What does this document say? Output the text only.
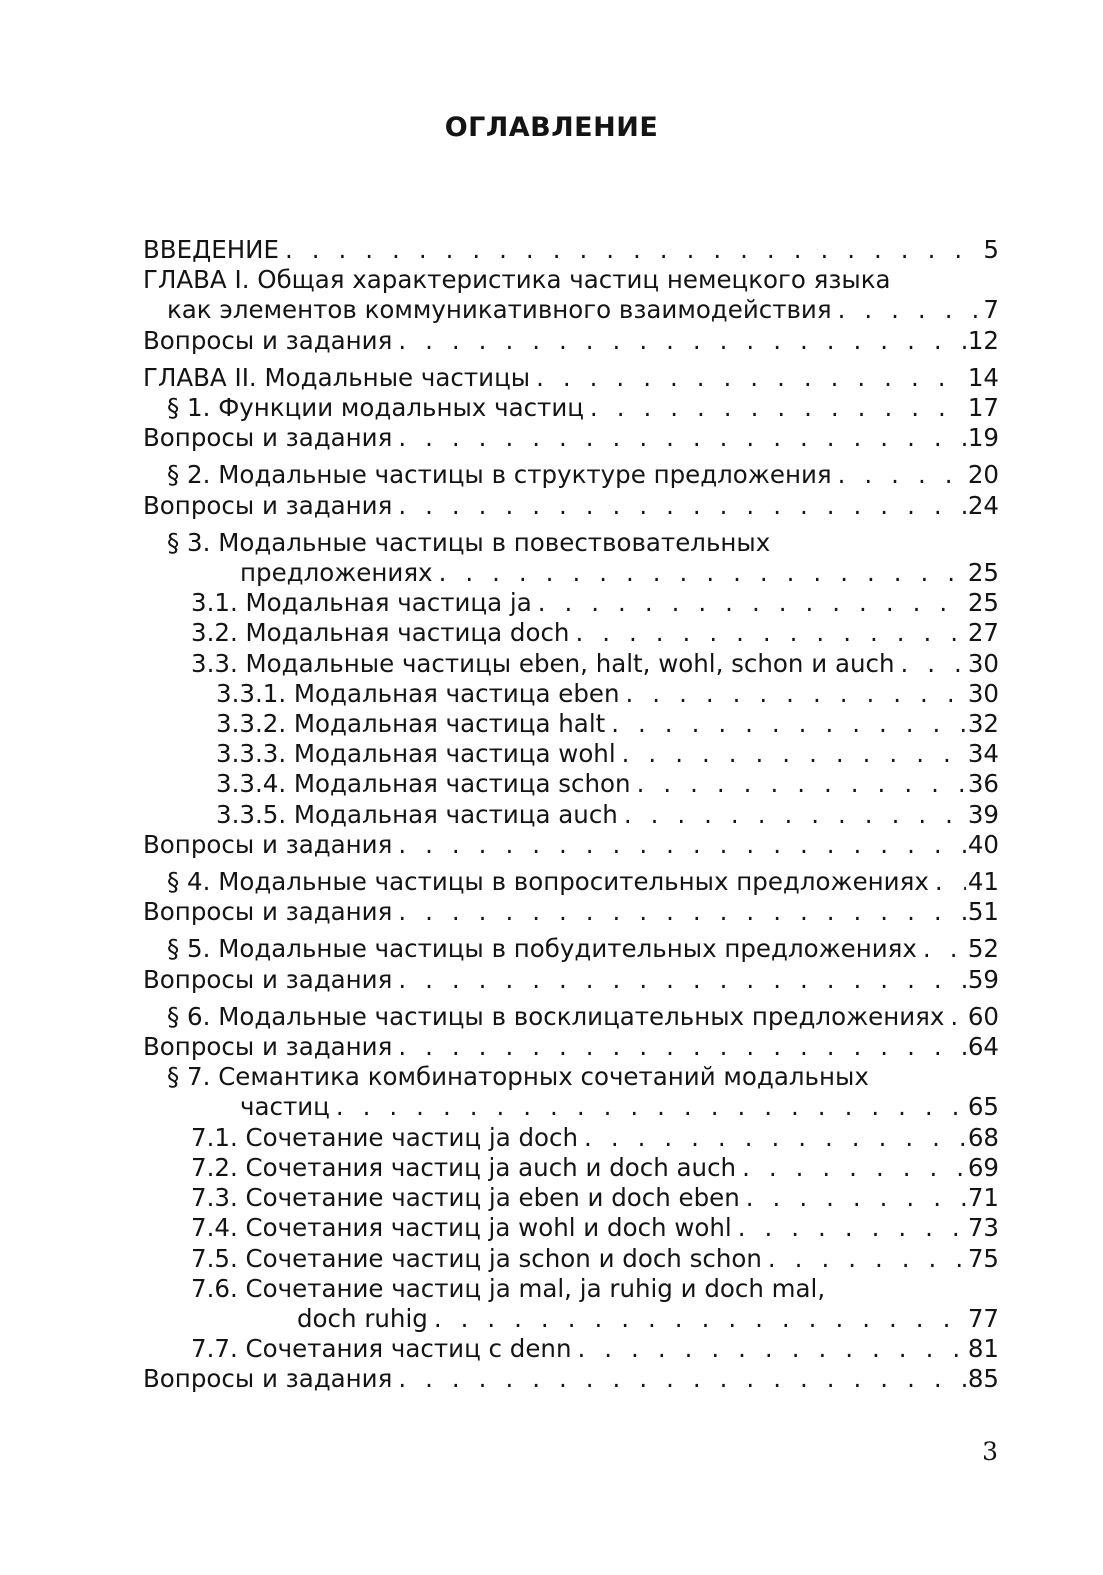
ОГЛАВЛЕНИЕ
ВВЕДЕНИЕ . . .	5
ГЛАВА I. Общая характеристика частиц немецкого языка
как элементов коммуникативного взаимодействия . . .	7
Вопросы и задания . . .	12
ГЛАВА II. Модальные частицы . . .	14
§ 1. Функции модальных частиц . . .	17
Вопросы и задания . . .	19
§ 2. Модальные частицы в структуре предложения . . .	20
Вопросы и задания . . .	24
§ 3. Модальные частицы в повествовательных
предложениях . . .	25
3.1. Модальная частица ja . . .	25
3.2. Модальная частица doch . . .	27
3.3. Модальные частицы eben, halt, wohl, schon и auch . . .	30
3.3.1. Модальная частица eben . . .	30
3.3.2. Модальная частица halt . . .	32
3.3.3. Модальная частица wohl . . .	34
3.3.4. Модальная частица schon . . .	36
3.3.5. Модальная частица auch . . .	39
Вопросы и задания . . .	40
§ 4. Модальные частицы в вопросительных предложениях . . . 41
Вопросы и задания . . .	51
§ 5. Модальные частицы в побудительных предложениях . . . 52
Вопросы и задания . . .	59
§ 6. Модальные частицы в восклицательных предложениях . . . 60
Вопросы и задания . . .	64
§ 7. Семантика комбинаторных сочетаний модальных
частиц . . .	65
7.1. Сочетание частиц ja doch . . .	68
7.2. Сочетания частиц ja auch и doch auch . . .	69
7.3. Сочетание частиц ja eben и doch eben . . .	71
7.4. Сочетания частиц ja wohl и doch wohl . . .	73
7.5. Сочетание частиц ja schon и doch schon . . .	75
7.6. Сочетание частиц ja mal, ja ruhig и doch mal,
doch ruhig . . .	77
7.7. Сочетания частиц с denn . . .	81
Вопросы и задания . . .	85
3
